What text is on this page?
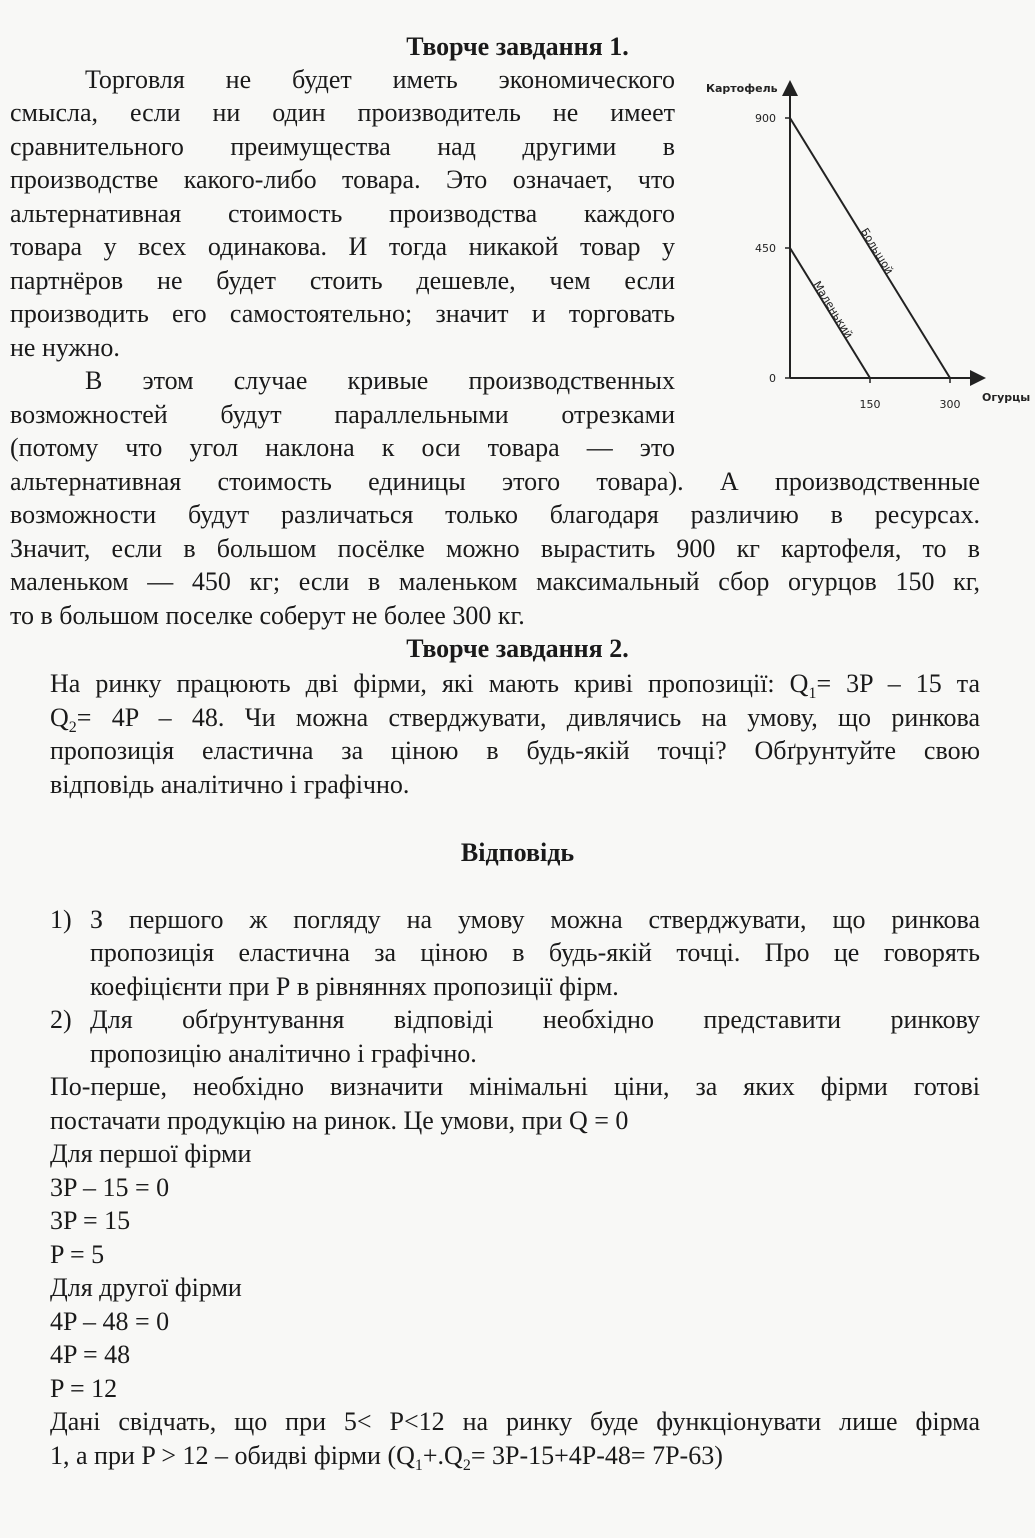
Творче завдання 1.
Торговля не будет иметь экономического
смысла, если ни один производитель не имеет
сравнительного преимущества над другими в
производстве какого-либо товара. Это означает, что
альтернативная стоимость производства каждого
товара у всех одинакова. И тогда никакой товар у
партнёров не будет стоить дешевле, чем если
производить его самостоятельно; значит и торговать
не нужно.
В этом случае кривые производственных
возможностей будут параллельными отрезками
(потому что угол наклона к оси товара — это
альтернативная стоимость единицы этого товара). А производственные
возможности будут различаться только благодаря различию в ресурсах.
Значит, если в большом посёлке можно вырастить 900 кг картофеля, то в
маленьком — 450 кг; если в маленьком максимальный сбор огурцов 150 кг,
то в большом поселке соберут не более 300 кг.
Картофель
Огурцы
0
450
900
150	300
Большой
Маленький
Творче завдання 2.
На ринку працюють дві фірми, які мають криві пропозиції: $Q_1= 3P - 15$ та
$Q_2= 4P - 48$. Чи можна стверджувати, дивлячись на умову, що ринкова
пропозиція еластична за ціною в будь-якій точці? Обґрунтуйте свою
відповідь аналітично і графічно.
Відповідь
1) З першого ж погляду на умову можна стверджувати, що ринкова
пропозиція еластична за ціною в будь-якій точці. Про це говорять
коефіцієнти при Р в рівняннях пропозиції фірм.
2) Для обґрунтування відповіді необхідно представити ринкову
пропозицію аналітично і графічно.
По-перше, необхідно визначити мінімальні ціни, за яких фірми готові
постачати продукцію на ринок. Це умови, при Q = 0
Для першої фірми
3P – 15 = 0
3P = 15
P = 5
Для другої фірми
4P – 48 = 0
4P = 48
P = 12
Дані свідчать, що при 5< P<12 на ринку буде функціонувати лише фірма
1, а при P > 12 – обидві фірми $(Q_1+.Q_2= 3P-15+4P-48= 7P-63)$
